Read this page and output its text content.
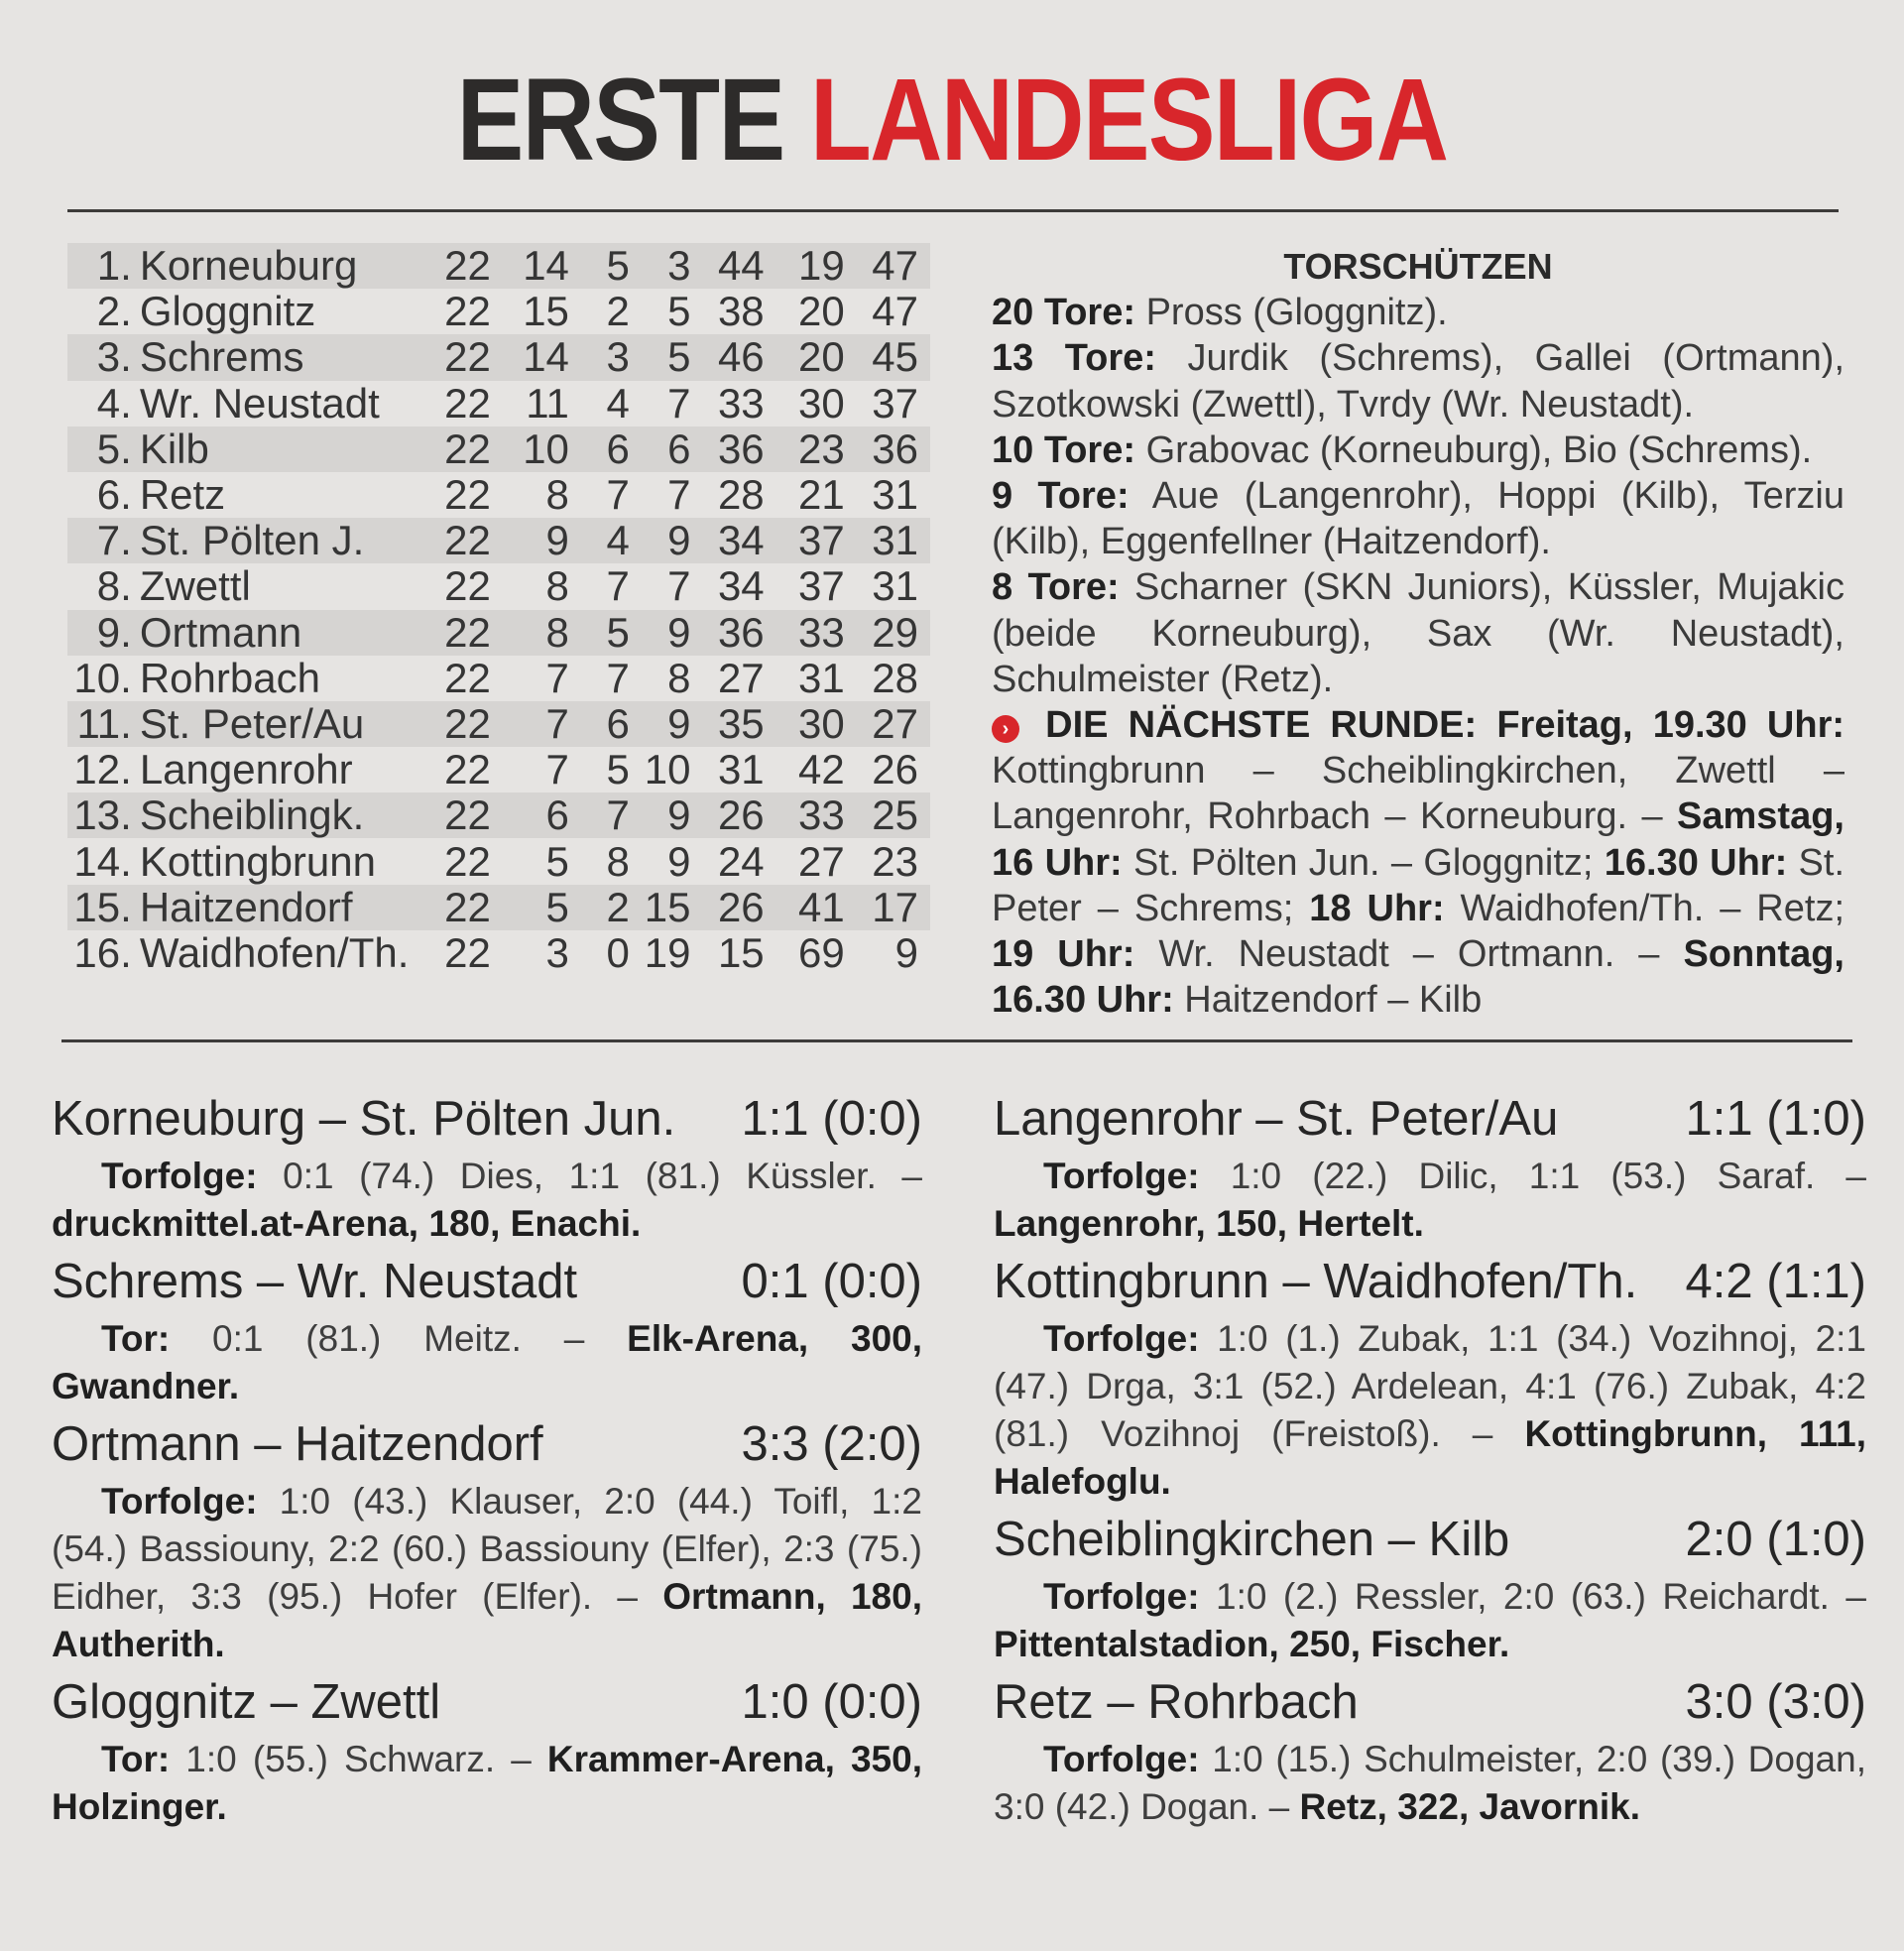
ERSTE LANDESLIGA
1.	Korneuburg	22	14	5	3	44	19	47
2.	Gloggnitz	22	15	2	5	38	20	47
3.	Schrems	22	14	3	5	46	20	45
4.	Wr. Neustadt	22	11	4	7	33	30	37
5.	Kilb	22	10	6	6	36	23	36
6.	Retz	22	8	7	7	28	21	31
7.	St. Pölten J.	22	9	4	9	34	37	31
8.	Zwettl	22	8	7	7	34	37	31
9.	Ortmann	22	8	5	9	36	33	29
10.	Rohrbach	22	7	7	8	27	31	28
11.	St. Peter/Au	22	7	6	9	35	30	27
12.	Langenrohr	22	7	5	10	31	42	26
13.	Scheiblingk.	22	6	7	9	26	33	25
14.	Kottingbrunn	22	5	8	9	24	27	23
15.	Haitzendorf	22	5	2	15	26	41	17
16.	Waidhofen/Th.	22	3	0	19	15	69	9

TORSCHÜTZEN

20 Tore: Pross (Gloggnitz).

13 Tore: Jurdik (Schrems), Gallei (Ortmann), Szotkowski (Zwettl), Tvrdy (Wr. Neustadt).

10 Tore: Grabovac (Korneuburg), Bio (Schrems).

9 Tore: Aue (Langenrohr), Hoppi (Kilb), Terziu (Kilb), Eggenfellner (Haitzendorf).

8 Tore: Scharner (SKN Juniors), Küssler, Mujakic (beide Korneuburg), Sax (Wr. Neustadt), Schulmeister (Retz).

› DIE NÄCHSTE RUNDE: Freitag, 19.30 Uhr: Kottingbrunn – Scheiblingkirchen, Zwettl – Langenrohr, Rohrbach – Korneuburg. – Samstag, 16 Uhr: St. Pölten Jun. – Gloggnitz; 16.30 Uhr: St. Peter – Schrems; 18 Uhr: Waidhofen/Th. – Retz; 19 Uhr: Wr. Neustadt – Ortmann. – Sonntag, 16.30 Uhr: Haitzendorf – Kilb

Korneuburg – St. Pölten Jun. 1:1 (0:0)
Torfolge: 0:1 (74.) Dies, 1:1 (81.) Küssler. – druckmittel.at-Arena, 180, Enachi.
Schrems – Wr. Neustadt	0:1 (0:0)
Tor: 0:1 (81.) Meitz. – Elk-Arena, 300, Gwandner.
Ortmann – Haitzendorf	3:3 (2:0)
Torfolge: 1:0 (43.) Klauser, 2:0 (44.) Toifl, 1:2 (54.) Bassiouny, 2:2 (60.) Bassiouny (Elfer), 2:3 (75.) Eidher, 3:3 (95.) Hofer (Elfer). – Ortmann, 180, Autherith.
Gloggnitz – Zwettl	1:0 (0:0)
Tor: 1:0 (55.) Schwarz. – Krammer-Arena, 350, Holzinger.
Langenrohr – St. Peter/Au	1:1 (1:0)
Torfolge: 1:0 (22.) Dilic, 1:1 (53.) Saraf. – Langenrohr, 150, Hertelt.
Kottingbrunn – Waidhofen/Th. 4:2 (1:1)
Torfolge: 1:0 (1.) Zubak, 1:1 (34.) Vozihnoj, 2:1 (47.) Drga, 3:1 (52.) Ardelean, 4:1 (76.) Zubak, 4:2 (81.) Vozihnoj (Freistoß). – Kottingbrunn, 111, Halefoglu.
Scheiblingkirchen – Kilb	2:0 (1:0)
Torfolge: 1:0 (2.) Ressler, 2:0 (63.) Reichardt. – Pittentalstadion, 250, Fischer.
Retz – Rohrbach	3:0 (3:0)
Torfolge: 1:0 (15.) Schulmeister, 2:0 (39.) Dogan, 3:0 (42.) Dogan. – Retz, 322, Javornik.
